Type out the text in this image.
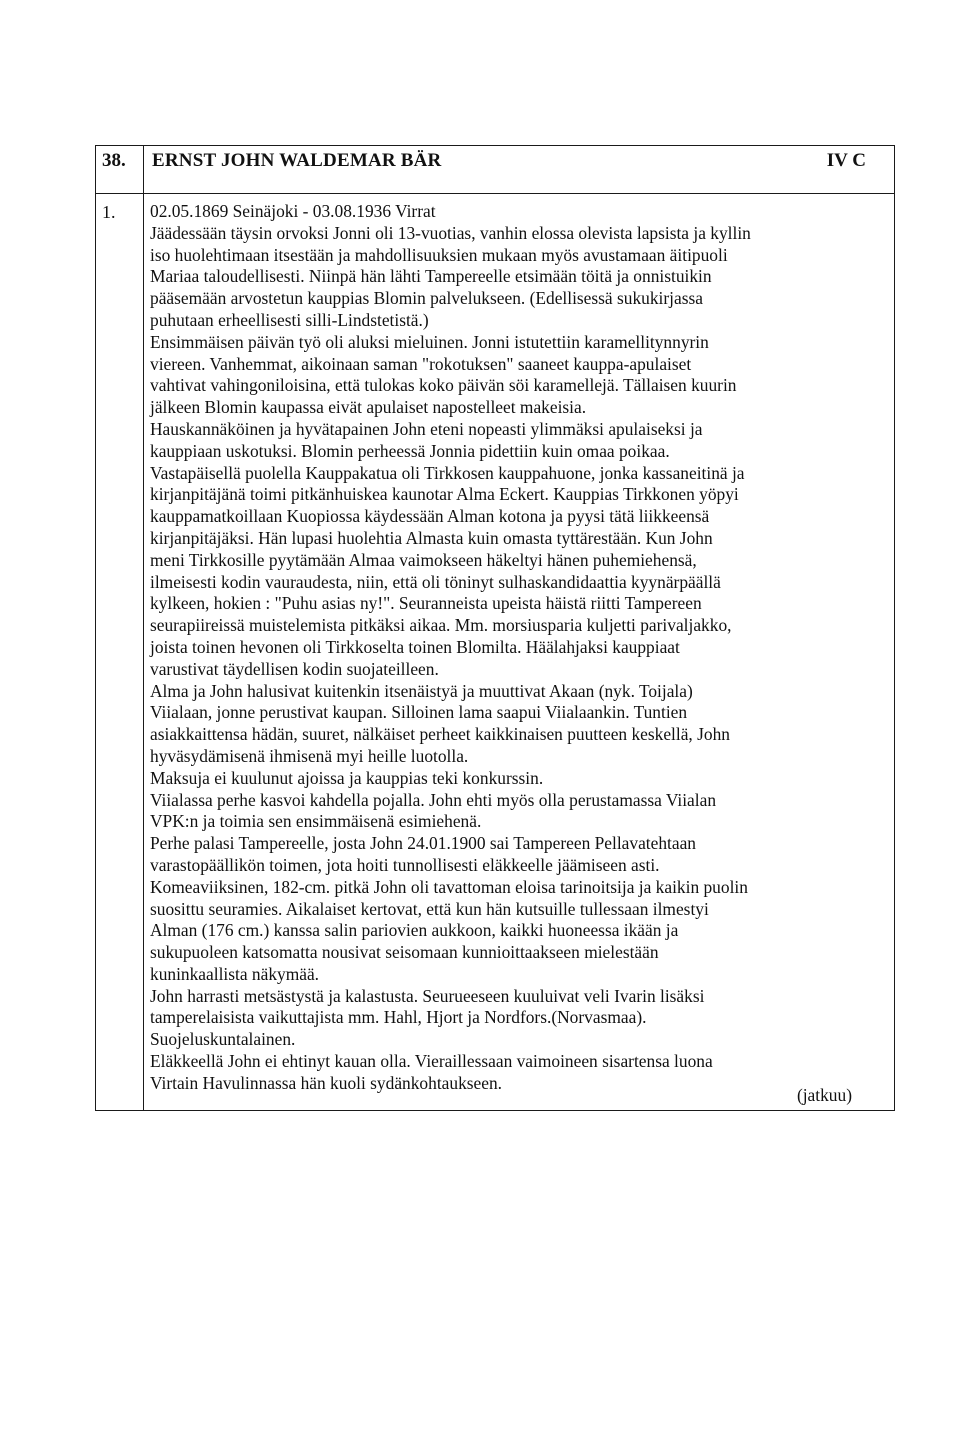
38. ERNST JOHN WALDEMAR BÄR	IV C
1. 02.05.1869 Seinäjoki - 03.08.1936 Virrat
Jäädessään täysin orvoksi Jonni oli 13-vuotias, vanhin elossa olevista lapsista ja kyllin
iso huolehtimaan itsestään ja mahdollisuuksien mukaan myös avustamaan äitipuoli
Mariaa taloudellisesti. Niinpä hän lähti Tampereelle etsimään töitä ja onnistuikin
pääsemään arvostetun kauppias Blomin palvelukseen. (Edellisessä sukukirjassa
puhutaan erheellisesti silli-Lindstetistä.)
Ensimmäisen päivän työ oli aluksi mieluinen. Jonni istutettiin karamellitynnyrin
viereen. Vanhemmat, aikoinaan saman "rokotuksen" saaneet kauppa-apulaiset
vahtivat vahingoniloisina, että tulokas koko päivän söi karamellejä. Tällaisen kuurin
jälkeen Blomin kaupassa eivät apulaiset napostelleet makeisia.
Hauskannäköinen ja hyvätapainen John eteni nopeasti ylimmäksi apulaiseksi ja
kauppiaan uskotuksi. Blomin perheessä Jonnia pidettiin kuin omaa poikaa.
Vastapäisellä puolella Kauppakatua oli Tirkkosen kauppahuone, jonka kassaneitinä ja
kirjanpitäjänä toimi pitkänhuiskea kaunotar Alma Eckert. Kauppias Tirkkonen yöpyi
kauppamatkoillaan Kuopiossa käydessään Alman kotona ja pyysi tätä liikkeensä
kirjanpitäjäksi. Hän lupasi huolehtia Almasta kuin omasta tyttärestään. Kun John
meni Tirkkosille pyytämään Almaa vaimokseen häkeltyi hänen puhemiehensä,
ilmeisesti kodin vauraudesta, niin, että oli töninyt sulhaskandidaattia kyynärpäällä
kylkeen, hokien : "Puhu asias ny!". Seuranneista upeista häistä riitti Tampereen
seurapiireissä muistelemista pitkäksi aikaa. Mm. morsiusparia kuljetti parivaljakko,
joista toinen hevonen oli Tirkkoselta toinen Blomilta. Häälahjaksi kauppiaat
varustivat täydellisen kodin suojateilleen.
Alma ja John halusivat kuitenkin itsenäistyä ja muuttivat Akaan (nyk. Toijala)
Viialaan, jonne perustivat kaupan. Silloinen lama saapui Viialaankin. Tuntien
asiakkaittensa hädän, suuret, nälkäiset perheet kaikkinaisen puutteen keskellä, John
hyväsydämisenä ihmisenä myi heille luotolla.
Maksuja ei kuulunut ajoissa ja kauppias teki konkurssin.
Viialassa perhe kasvoi kahdella pojalla. John ehti myös olla perustamassa Viialan
VPK:n ja toimia sen ensimmäisenä esimiehenä.
Perhe palasi Tampereelle, josta John 24.01.1900 sai Tampereen Pellavatehtaan
varastopäällikön toimen, jota hoiti tunnollisesti eläkkeelle jäämiseen asti.
Komeaviiksinen, 182-cm. pitkä John oli tavattoman eloisa tarinoitsija ja kaikin puolin
suosittu seuramies. Aikalaiset kertovat, että kun hän kutsuille tullessaan ilmestyi
Alman (176 cm.) kanssa salin pariovien aukkoon, kaikki huoneessa ikään ja
sukupuoleen katsomatta nousivat seisomaan kunnioittaakseen mielestään
kuninkaallista näkymää.
John harrasti metsästystä ja kalastusta. Seurueeseen kuuluivat veli Ivarin lisäksi
tamperelaisista vaikuttajista mm. Hahl, Hjort ja Nordfors.(Norvasmaa).
Suojeluskuntalainen.
Eläkkeellä John ei ehtinyt kauan olla. Vieraillessaan vaimoineen sisartensa luona
Virtain Havulinnassa hän kuoli sydänkohtaukseen.
(jatkuu)
